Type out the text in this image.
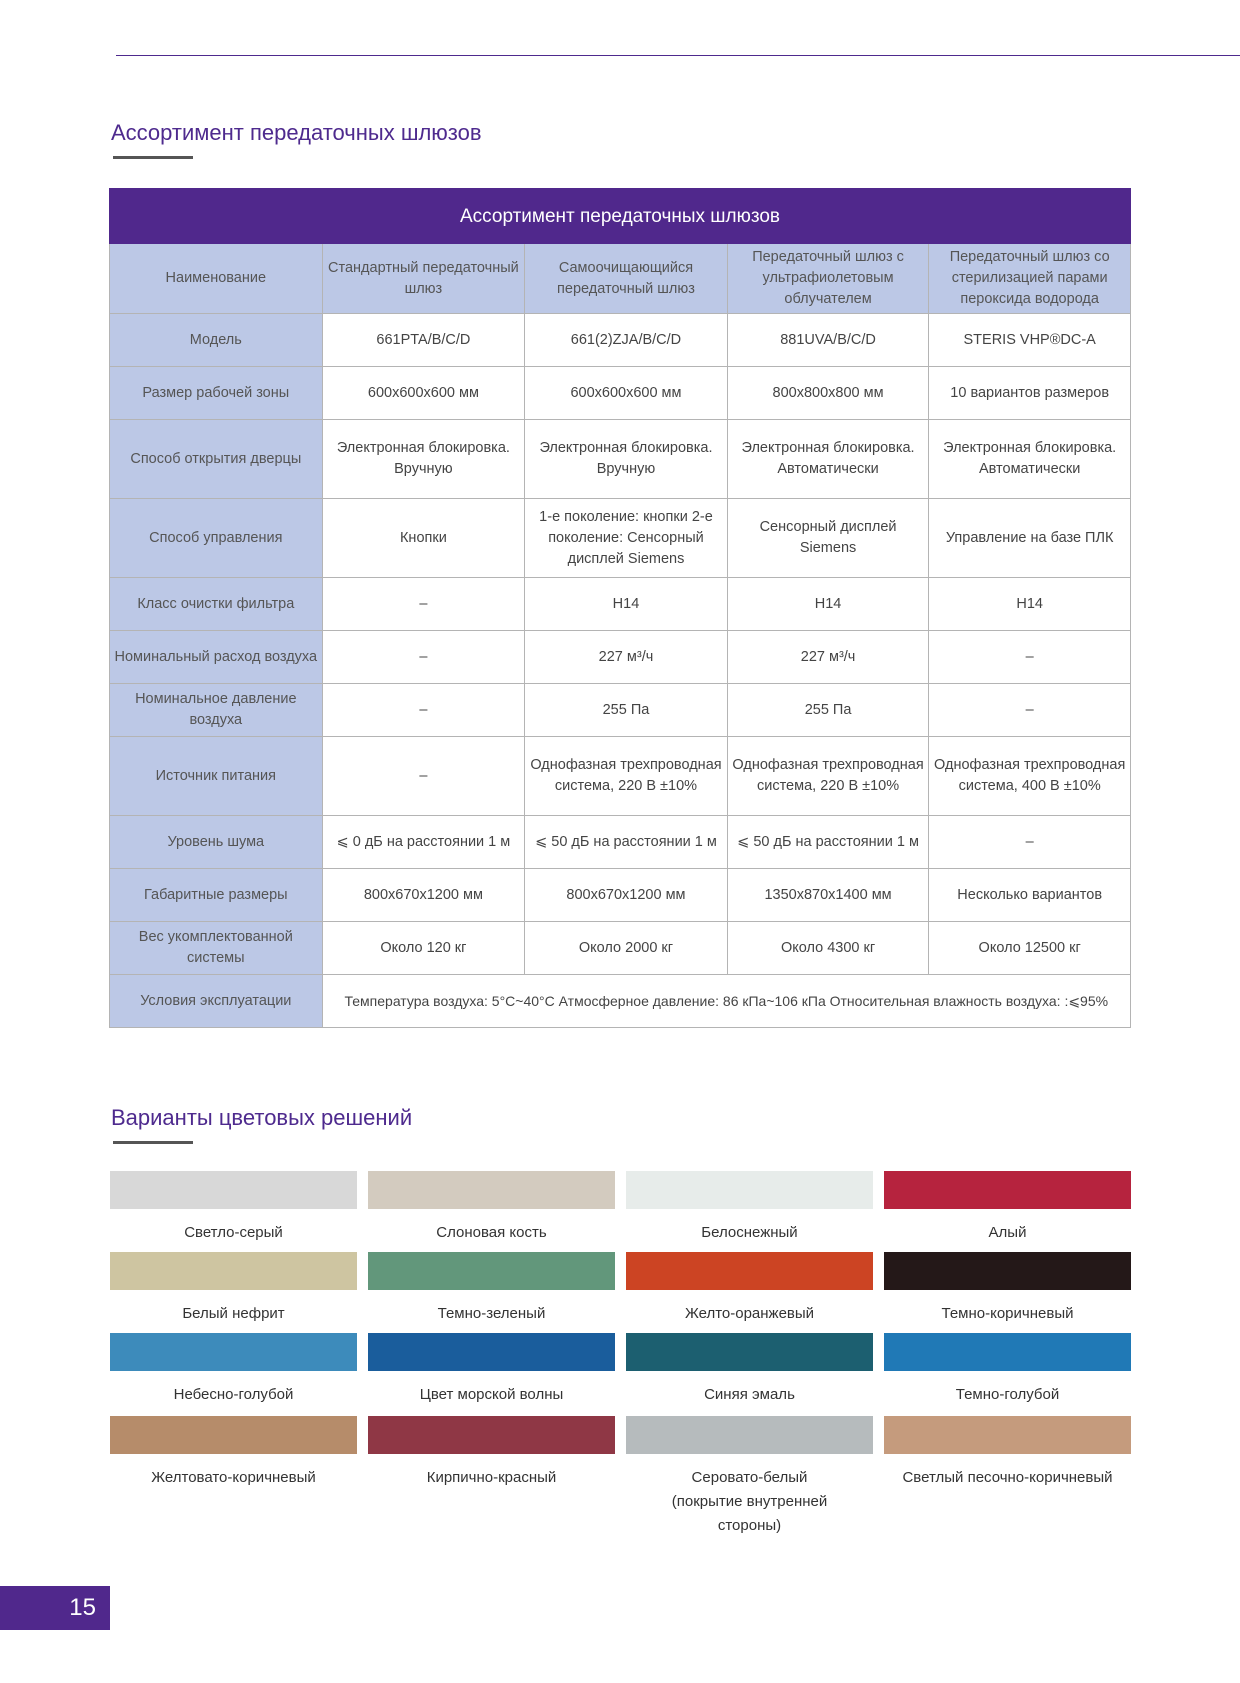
Ассортимент передаточных шлюзов
Ассортимент передаточных шлюзов				
Наименование	Стандартный передаточный шлюз	Самоочищающийся передаточный шлюз	Передаточный шлюз с ультрафиолетовым облучателем	Передаточный шлюз со стерилизацией парами пероксида водорода
Модель	661PTA/B/C/D	661(2)ZJA/B/C/D	881UVA/B/C/D	STERIS VHP®DC-A
Размер рабочей зоны	600x600x600 мм	600x600x600 мм	800x800x800 мм	10 вариантов размеров
Способ открытия дверцы	Электронная блокировка. Вручную	Электронная блокировка. Вручную	Электронная блокировка. Автоматически	Электронная блокировка. Автоматически
Способ управления	Кнопки	1-е поколение: кнопки 2-е поколение: Сенсорный дисплей Siemens	Сенсорный дисплей Siemens	Управление на базе ПЛК
Класс очистки фильтра	–	H14	H14	H14
Номинальный расход воздуха	–	227 м³/ч	227 м³/ч	–
Номинальное давление воздуха	–	255 Па	255 Па	–
Источник питания	–	Однофазная трехпроводная система, 220 В ±10%	Однофазная трехпроводная система, 220 В ±10%	Однофазная трехпроводная система, 400 В ±10%
Уровень шума	⩽ 0 дБ на расстоянии 1 м	⩽ 50 дБ на расстоянии 1 м	⩽ 50 дБ на расстоянии 1 м	–
Габаритные размеры	800x670x1200 мм	800x670x1200 мм	1350x870x1400 мм	Несколько вариантов
Вес укомплектованной системы	Около 120 кг	Около 2000 кг	Около 4300 кг	Около 12500 кг
Условия эксплуатации	Температура воздуха: 5°C~40°C Атмосферное давление: 86 кПа~106 кПа Относительная влажность воздуха: :⩽95%			
Варианты цветовых решений
Светло-серый	Слоновая кость	Белоснежный	Алый
Белый нефрит	Темно-зеленый	Желто-оранжевый	Темно-коричневый
Небесно-голубой	Цвет морской волны	Синяя эмаль	Темно-голубой
Желтовато-коричневый	Кирпично-красный	Серовато-белый (покрытие внутренней стороны)
Светлый песочно-коричневый
15
